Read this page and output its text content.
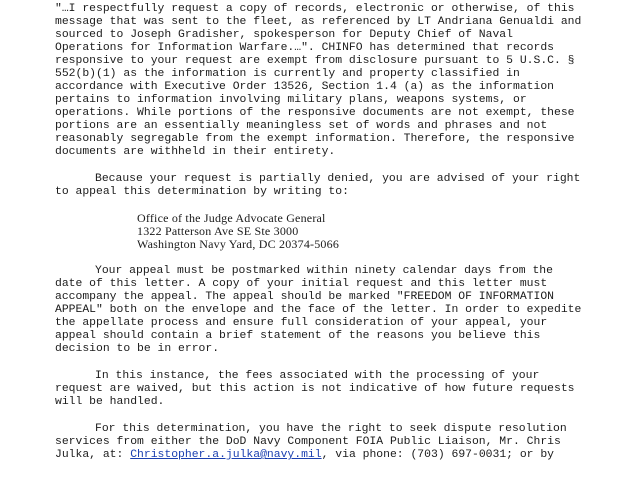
"…I respectfully request a copy of records, electronic or otherwise, of this
message that was sent to the fleet, as referenced by LT Andriana Genualdi and
sourced to Joseph Gradisher, spokesperson for Deputy Chief of Naval
Operations for Information Warfare.…". CHINFO has determined that records
responsive to your request are exempt from disclosure pursuant to 5 U.S.C. §
552(b)(1) as the information is currently and property classified in
accordance with Executive Order 13526, Section 1.4 (a) as the information
pertains to information involving military plans, weapons systems, or
operations. While portions of the responsive documents are not exempt, these
portions are an essentially meaningless set of words and phrases and not
reasonably segregable from the exempt information. Therefore, the responsive
documents are withheld in their entirety.
Because your request is partially denied, you are advised of your right
to appeal this determination by writing to:
Office of the Judge Advocate General
1322 Patterson Ave SE Ste 3000
Washington Navy Yard, DC 20374-5066
Your appeal must be postmarked within ninety calendar days from the
date of this letter. A copy of your initial request and this letter must
accompany the appeal. The appeal should be marked "FREEDOM OF INFORMATION
APPEAL" both on the envelope and the face of the letter. In order to expedite
the appellate process and ensure full consideration of your appeal, your
appeal should contain a brief statement of the reasons you believe this
decision to be in error.
In this instance, the fees associated with the processing of your
request are waived, but this action is not indicative of how future requests
will be handled.
For this determination, you have the right to seek dispute resolution
services from either the DoD Navy Component FOIA Public Liaison, Mr. Chris
Julka, at: Christopher.a.julka@navy.mil, via phone: (703) 697-0031; or by
